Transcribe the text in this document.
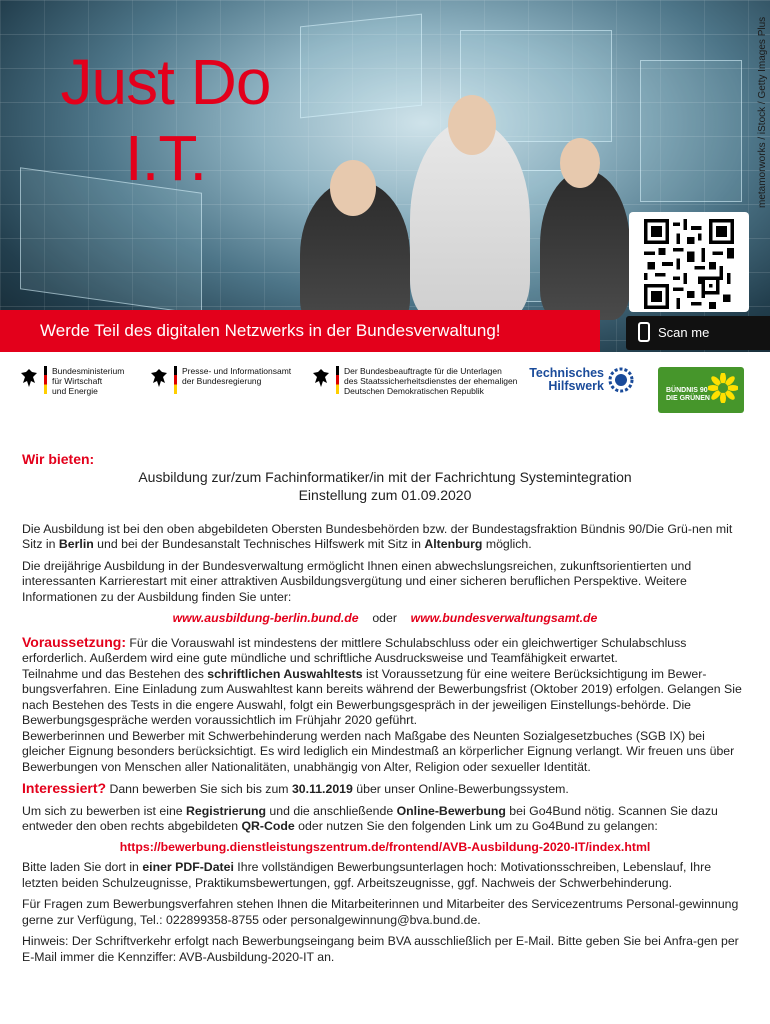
Just Do
I.T.	metamorworks / iStock / Getty Images Plus
Werde Teil des digitalen Netzwerks in der Bundesverwaltung!	Scan me
Bundesministerium
für Wirtschaft
und Energie
Presse- und Informationsamt
der Bundesregierung
Der Bundesbeauftragte für die Unterlagen
des Staatssicherheitsdienstes der ehemaligen
Deutschen Demokratischen Republik
Technisches
Hilfswerk	BÜNDNIS 90
DIE GRÜNEN

Wir bieten:

Ausbildung zur/zum Fachinformatiker/in mit der Fachrichtung Systemintegration

Einstellung zum 01.09.2020

Die Ausbildung ist bei den oben abgebildeten Obersten Bundesbehörden bzw. der Bundestagsfraktion Bündnis 90/Die Grü-nen mit Sitz in Berlin und bei der Bundesanstalt Technisches Hilfswerk mit Sitz in Altenburg möglich.

Die dreijährige Ausbildung in der Bundesverwaltung ermöglicht Ihnen einen abwechslungsreichen, zukunftsorientierten und interessanten Karrierestart mit einer attraktiven Ausbildungsvergütung und einer sicheren beruflichen Perspektive. Weitere Informationen zu der Ausbildung finden Sie unter:

www.ausbildung-berlin.bund.de oder www.bundesverwaltungsamt.de

Voraussetzung: Für die Vorauswahl ist mindestens der mittlere Schulabschluss oder ein gleichwertiger Schulabschluss erforderlich. Außerdem wird eine gute mündliche und schriftliche Ausdrucksweise und Teamfähigkeit erwartet.

Teilnahme und das Bestehen des schriftlichen Auswahltests ist Voraussetzung für eine weitere Berücksichtigung im Bewer-bungsverfahren. Eine Einladung zum Auswahltest kann bereits während der Bewerbungsfrist (Oktober 2019) erfolgen. Gelangen Sie nach Bestehen des Tests in die engere Auswahl, folgt ein Bewerbungsgespräch in der jeweiligen Einstellungs-behörde. Die Bewerbungsgespräche werden voraussichtlich im Frühjahr 2020 geführt.

Bewerberinnen und Bewerber mit Schwerbehinderung werden nach Maßgabe des Neunten Sozialgesetzbuches (SGB IX) bei gleicher Eignung besonders berücksichtigt. Es wird lediglich ein Mindestmaß an körperlicher Eignung verlangt. Wir freuen uns über Bewerbungen von Menschen aller Nationalitäten, unabhängig von Alter, Religion oder sexueller Identität.

Interessiert? Dann bewerben Sie sich bis zum 30.11.2019 über unser Online-Bewerbungssystem.

Um sich zu bewerben ist eine Registrierung und die anschließende Online-Bewerbung bei Go4Bund nötig. Scannen Sie dazu entweder den oben rechts abgebildeten QR-Code oder nutzen Sie den folgenden Link um zu Go4Bund zu gelangen:

https://bewerbung.dienstleistungszentrum.de/frontend/AVB-Ausbildung-2020-IT/index.html

Bitte laden Sie dort in einer PDF-Datei Ihre vollständigen Bewerbungsunterlagen hoch: Motivationsschreiben, Lebenslauf, Ihre letzten beiden Schulzeugnisse, Praktikumsbewertungen, ggf. Arbeitszeugnisse, ggf. Nachweis der Schwerbehinderung.

Für Fragen zum Bewerbungsverfahren stehen Ihnen die Mitarbeiterinnen und Mitarbeiter des Servicezentrums Personal-gewinnung gerne zur Verfügung, Tel.: 022899358-8755 oder personalgewinnung@bva.bund.de.

Hinweis: Der Schriftverkehr erfolgt nach Bewerbungseingang beim BVA ausschließlich per E-Mail. Bitte geben Sie bei Anfra-gen per E-Mail immer die Kennziffer: AVB-Ausbildung-2020-IT an.
